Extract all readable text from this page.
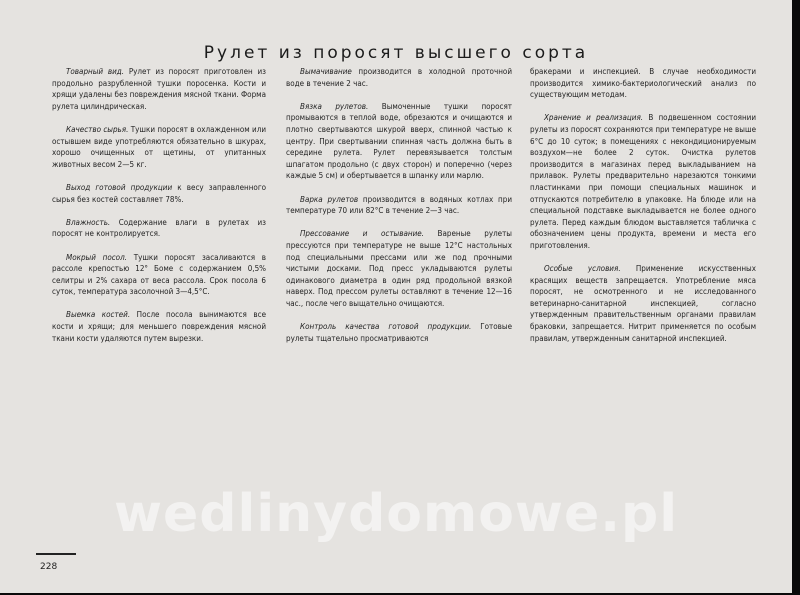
Рулет из поросят высшего сорта

Товарный вид. Рулет из поросят приготовлен из продольно разрубленной тушки поросенка. Кости и хрящи удалены без повреждения мясной ткани. Форма рулета цилиндрическая.

Качество сырья. Тушки поросят в охлажденном или остывшем виде употребляются обязательно в шкурах, хорошо очищенных от щетины, от упитанных животных весом 2—5 кг.

Выход готовой продукции к весу заправленного сырья без костей составляет 78%.

Влажность. Содержание влаги в рулетах из поросят не контролируется.

Мокрый посол. Тушки поросят засаливаются в рассоле крепостью 12° Боме с содержанием 0,5% селитры и 2% сахара от веса рассола. Срок посола 6 суток, температура засолочной 3—4,5°C.

Выемка костей. После посола вынимаются все кости и хрящи; для меньшего повреждения мясной ткани кости удаляются путем вырезки.

Вымачивание производится в холодной проточной воде в течение 2 час.

Вязка рулетов. Вымоченные тушки поросят промываются в теплой воде, обрезаются и очищаются и плотно свертываются шкурой вверх, спинной частью к центру. При свертывании спинная часть должна быть в середине рулета. Рулет перевязывается толстым шпагатом продольно (с двух сторон) и поперечно (через каждые 5 см) и обертывается в шпанку или марлю.

Варка рулетов производится в водяных котлах при температуре 70 или 82°C в течение 2—3 час.

Прессование и остывание. Вареные рулеты прессуются при температуре не выше 12°C настольных под специальными прессами или же под прочными чистыми досками. Под пресс укладываются рулеты одинакового диаметра в один ряд продольной вязкой наверх. Под прессом рулеты оставляют в течение 12—16 час., после чего выщательно очищаются.

Контроль качества готовой продукции. Готовые рулеты тщательно просматриваются

бракерами и инспекцией. В случае необходимости производится химико-бактериологический анализ по существующим методам.

Хранение и реализация. В подвешенном состоянии рулеты из поросят сохраняются при температуре не выше 6°C до 10 суток; в помещениях с некондиционируемым воздухом—не более 2 суток. Очистка рулетов производится в магазинах перед выкладыванием на прилавок. Рулеты предварительно нарезаются тонкими пластинками при помощи специальных машинок и отпускаются потребителю в упаковке. На блюде или на специальной подставке выкладывается не более одного рулета. Перед каждым блюдом выставляется табличка с обозначением цены продукта, времени и места его приготовления.

Особые условия. Применение искусственных красящих веществ запрещается. Употребление мяса поросят, не осмотренного и не исследованного ветеринарно-санитарной инспекцией, согласно утвержденным правительственным органами правилам браковки, запрещается. Нитрит применяется по особым правилам, утвержденным санитарной инспекцией.

wedlinydomowe.pl
228
